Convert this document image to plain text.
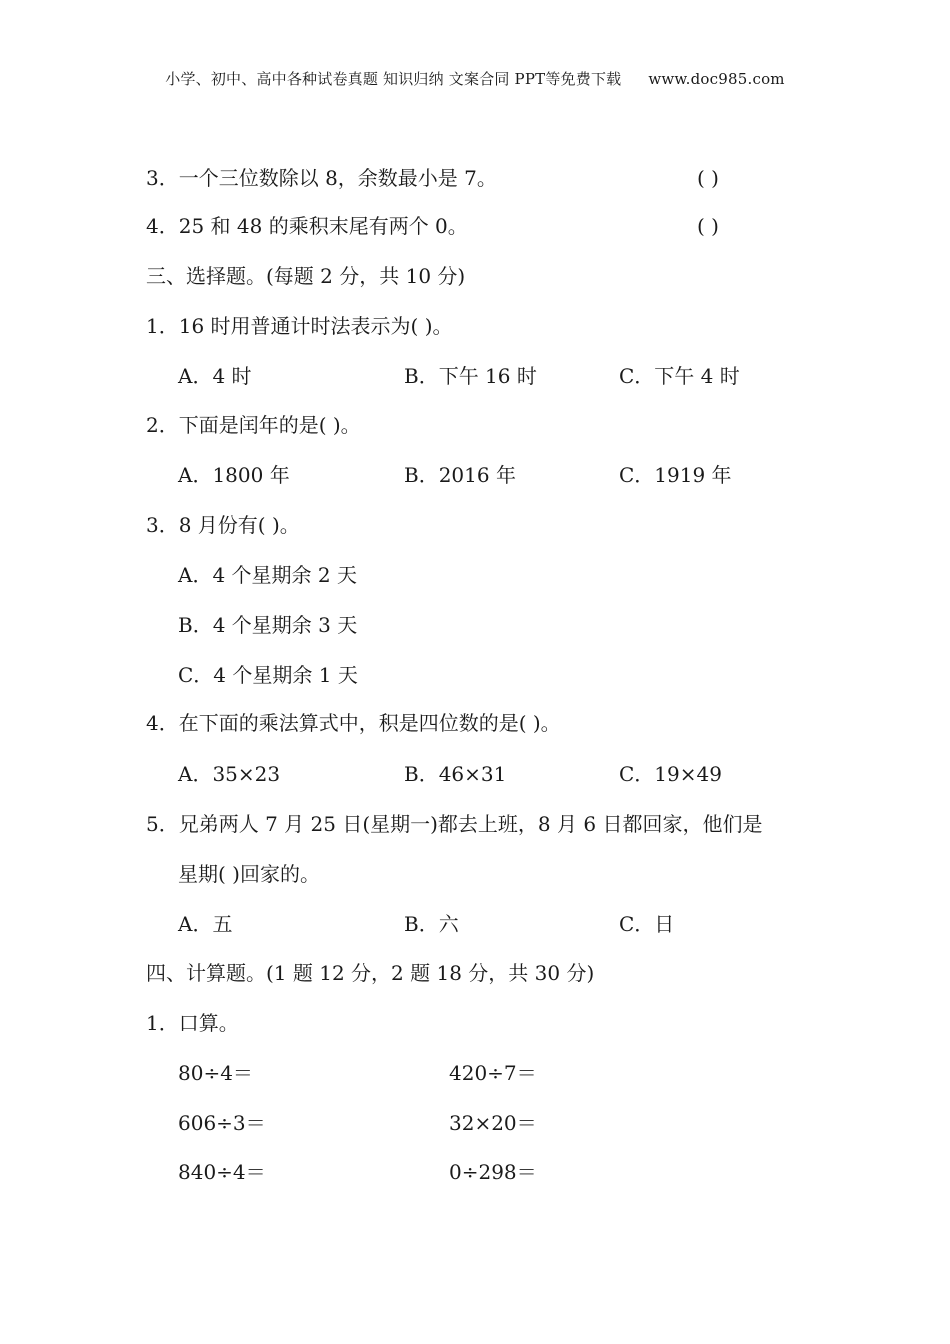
小学、初中、高中各种试卷真题 知识归纳 文案合同 PPT等免费下载 www.doc985.com
3．一个三位数除以 8，余数最小是 7。	( )
4．25 和 48 的乘积末尾有两个 0。	( )
三、选择题。(每题 2 分，共 10 分)
1．16 时用普通计时法表示为( )。
A．4 时	B．下午 16 时	C．下午 4 时
2．下面是闰年的是( )。
A．1800 年	B．2016 年	C．1919 年
3．8 月份有( )。
A．4 个星期余 2 天
B．4 个星期余 3 天
C．4 个星期余 1 天
4．在下面的乘法算式中，积是四位数的是( )。
A．35×23	B．46×31	C．19×49
5．兄弟两人 7 月 25 日(星期一)都去上班，8 月 6 日都回家，他们是
星期( )回家的。
A．五	B．六	C．日
四、计算题。(1 题 12 分，2 题 18 分，共 30 分)
1．口算。
80÷4＝	420÷7＝
606÷3＝	32×20＝
840÷4＝	0÷298＝
